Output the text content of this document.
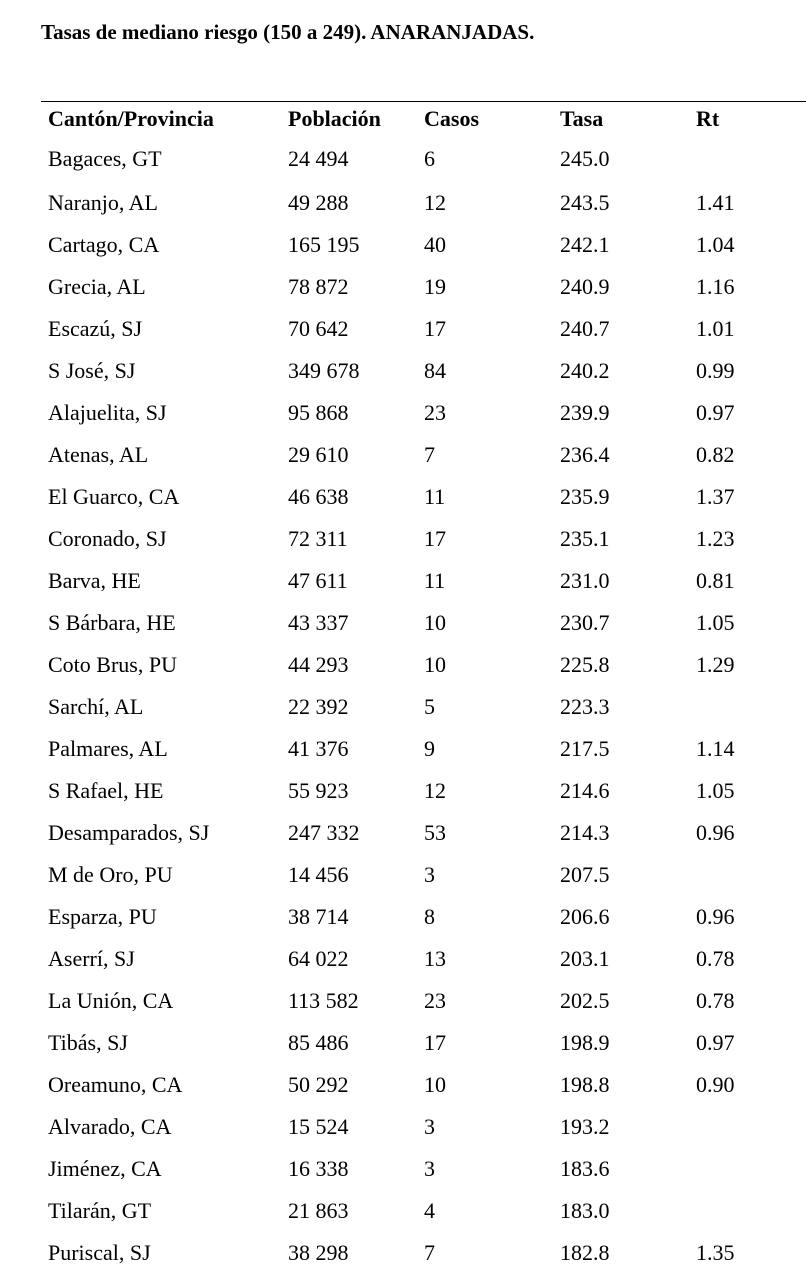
Tasas de mediano riesgo (150 a 249). ANARANJADAS.
Cantón/Provincia	Población	Casos	Tasa	Rt
Bagaces, GT	24 494	6	245.0	
Naranjo, AL	49 288	12	243.5	1.41
Cartago, CA	165 195	40	242.1	1.04
Grecia, AL	78 872	19	240.9	1.16
Escazú, SJ	70 642	17	240.7	1.01
S José, SJ	349 678	84	240.2	0.99
Alajuelita, SJ	95 868	23	239.9	0.97
Atenas, AL	29 610	7	236.4	0.82
El Guarco, CA	46 638	11	235.9	1.37
Coronado, SJ	72 311	17	235.1	1.23
Barva, HE	47 611	11	231.0	0.81
S Bárbara, HE	43 337	10	230.7	1.05
Coto Brus, PU	44 293	10	225.8	1.29
Sarchí, AL	22 392	5	223.3	
Palmares, AL	41 376	9	217.5	1.14
S Rafael, HE	55 923	12	214.6	1.05
Desamparados, SJ	247 332	53	214.3	0.96
M de Oro, PU	14 456	3	207.5	
Esparza, PU	38 714	8	206.6	0.96
Aserrí, SJ	64 022	13	203.1	0.78
La Unión, CA	113 582	23	202.5	0.78
Tibás, SJ	85 486	17	198.9	0.97
Oreamuno, CA	50 292	10	198.8	0.90
Alvarado, CA	15 524	3	193.2	
Jiménez, CA	16 338	3	183.6	
Tilarán, GT	21 863	4	183.0	
Puriscal, SJ	38 298	7	182.8	1.35
